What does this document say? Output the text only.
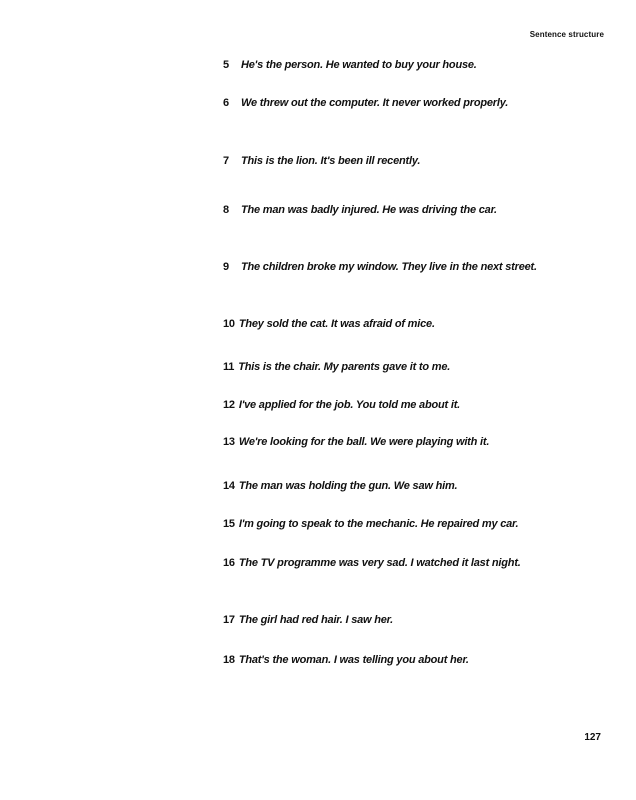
Sentence structure
5 He's the person. He wanted to buy your house.
6 We threw out the computer. It never worked properly.
7 This is the lion. It's been ill recently.
8 The man was badly injured. He was driving the car.
9 The children broke my window. They live in the next street.
10 They sold the cat. It was afraid of mice.
11 This is the chair. My parents gave it to me.
12 I've applied for the job. You told me about it.
13 We're looking for the ball. We were playing with it.
14 The man was holding the gun. We saw him.
15 I'm going to speak to the mechanic. He repaired my car.
16 The TV programme was very sad. I watched it last night.
17 The girl had red hair. I saw her.
18 That's the woman. I was telling you about her.
127
